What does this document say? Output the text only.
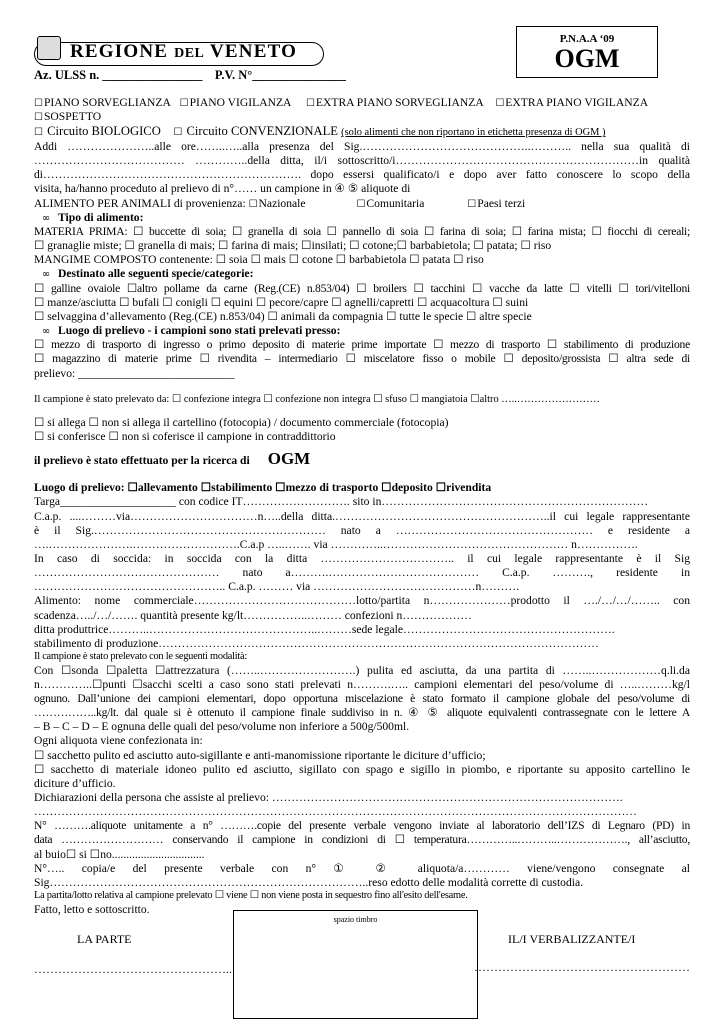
REGIONE DEL VENETO
P.N.A.A ‘09
OGM
Az. ULSS n. ________________ P.V. N°_______________
☐PIANO SORVEGLIANZA ☐PIANO VIGILANZA ☐EXTRA PIANO SORVEGLIANZA ☐EXTRA PIANO VIGILANZA
☐SOSPETTO
☐ Circuito BIOLOGICO ☐ Circuito CONVENZIONALE (solo alimenti che non riportano in etichetta presenza di OGM )
Addi …………………..alle ore……..…..alla presenza del Sig.……………………………………..……….. nella sua qualità di
………………………………… …………..della ditta, il/i sottoscritto/i………………………………………………………in qualità
di…………………………………………………………. dopo essersi qualificato/i e dopo aver fatto conoscere lo scopo della
visita, ha/hanno proceduto al prelievo di n°…… un campione in ④ ⑤ aliquote di
ALIMENTO PER ANIMALI di provenienza: ☐Nazionale	☐Comunitaria	☐Paesi terzi
∞ Tipo di alimento:
MATERIA PRIMA: ☐ buccette di soia; ☐ granella di soia ☐ pannello di soia ☐ farina di soia; ☐ farina mista; ☐ fiocchi di cereali;
☐ granaglie miste; ☐ granella di mais; ☐ farina di mais; ☐insilati; ☐ cotone;☐ barbabietola; ☐ patata; ☐ riso
MANGIME COMPOSTO contenente: ☐ soia ☐ mais ☐ cotone ☐ barbabietola ☐ patata ☐ riso
∞ Destinato alle seguenti specie/categorie:
☐ galline ovaiole ☐altro pollame da carne (Reg.(CE) n.853/04) ☐ broilers ☐ tacchini ☐ vacche da latte ☐ vitelli ☐ tori/vitelloni
☐ manze/asciutta ☐ bufali ☐ conigli ☐ equini ☐ pecore/capre ☐ agnelli/capretti ☐ acquacoltura ☐ suini
☐ selvaggina d’allevamento (Reg.(CE) n.853/04) ☐ animali da compagnia ☐ tutte le specie ☐ altre specie
∞ Luogo di prelievo - i campioni sono stati prelevati presso:
☐ mezzo di trasporto di ingresso o primo deposito di materie prime importate ☐ mezzo di trasporto ☐ stabilimento di produzione
☐ magazzino di materie prime ☐ rivendita – intermediario ☐ miscelatore fisso o mobile ☐ deposito/grossista ☐ altra sede di
prelievo: ___________________________
Il campione è stato prelevato da: ☐ confezione integra ☐ confezione non integra ☐ sfuso ☐ mangiatoia ☐altro …..……………………
☐ si allega ☐ non si allega il cartellino (fotocopia) / documento commerciale (fotocopia)
☐ si conferisce ☐ non si coferisce il campione in contraddittorio
il prelievo è stato effettuato per la ricerca di OGM
Luogo di prelievo: ☐allevamento ☐stabilimento ☐mezzo di trasporto ☐deposito ☐rivendita
Targa____________________ con codice IT………………………. sito in……………………………………………………………
C.a.p. ....………via……………………………n…..della ditta.………………………………………………..il cui legale rappresentante
è il Sig.…………………………………………………… nato a …………………………………………… e residente a
….………………….……………………….C.a.p …..……. via …………..………………………………………… n…………….
In caso di soccida: in soccida con la ditta …………………………….. il cui legale rappresentante è il Sig
………………………………………… nato a……….………………………………… C.a.p. ………., residente in
………………………………………….. C.a.p. ……… via ……………………………………n……….
Alimento: nome commerciale……………………………………lotto/partita n…………………prodotto il …./…/…/…….. con
scadenza…../…/……. quantità presente kg/lt……………..……… confezioni n………………
ditta produttrice………..……………………………………..………sede legale……………………………………………….
stabilimento di produzione……………………………………………………………………………………………………
Il campione è stato prelevato con le seguenti modalità:
Con ☐sonda ☐paletta ☐attrezzatura (……..…………………….) pulita ed asciutta, da una partita di ……..………………q.li.da
n…………..☐punti ☐sacchi scelti a caso sono stati prelevati n……….….. campioni elementari del peso/volume di …..………kg/l
ognuno. Dall’unione dei campioni elementari, dopo opportuna miscelazione è stato formato il campione globale del peso/volume di
……………..kg/lt. dal quale si è ottenuto il campione finale suddiviso in n. ④ ⑤ aliquote equivalenti contrassegnate con le lettere A
– B – C – D – E ognuna delle quali del peso/volume non inferiore a 500g/500ml.
Ogni aliquota viene confezionata in:
☐ sacchetto pulito ed asciutto auto-sigillante e anti-manomissione riportante le diciture d’ufficio;
☐ sacchetto di materiale idoneo pulito ed asciutto, sigillato con spago e sigillo in piombo, e riportante su apposito cartellino le
diciture d’ufficio.
Dichiarazioni della persona che assiste al prelievo: ……………………………………………………………………………….
…………………………………………………………………………………………………………………………………………
N° ……….aliquote unitamente a n° ……….copie del presente verbale vengono inviate al laboratorio dell’IZS di Legnaro (PD) in
data ……………………… conservando il campione in condizioni di ☐ temperatura…………..………..………………., all’asciutto,
al buio☐ si ☐no................................
N°….. copia/e del presente verbale con n° ① ② aliquota/a………… viene/vengono consegnate al
Sig………………………………………………………………………..reso edotto delle modalità corrette di custodia.
La partita/lotto relativa al campione prelevato ☐ viene ☐ non viene posta in sequestro fino all'esito dell'esame.
Fatto, letto e sottoscritto.
spazio timbro
LA PARTE	IL/I VERBALIZZANTE/I
…………………………………………..	………………………………………………
